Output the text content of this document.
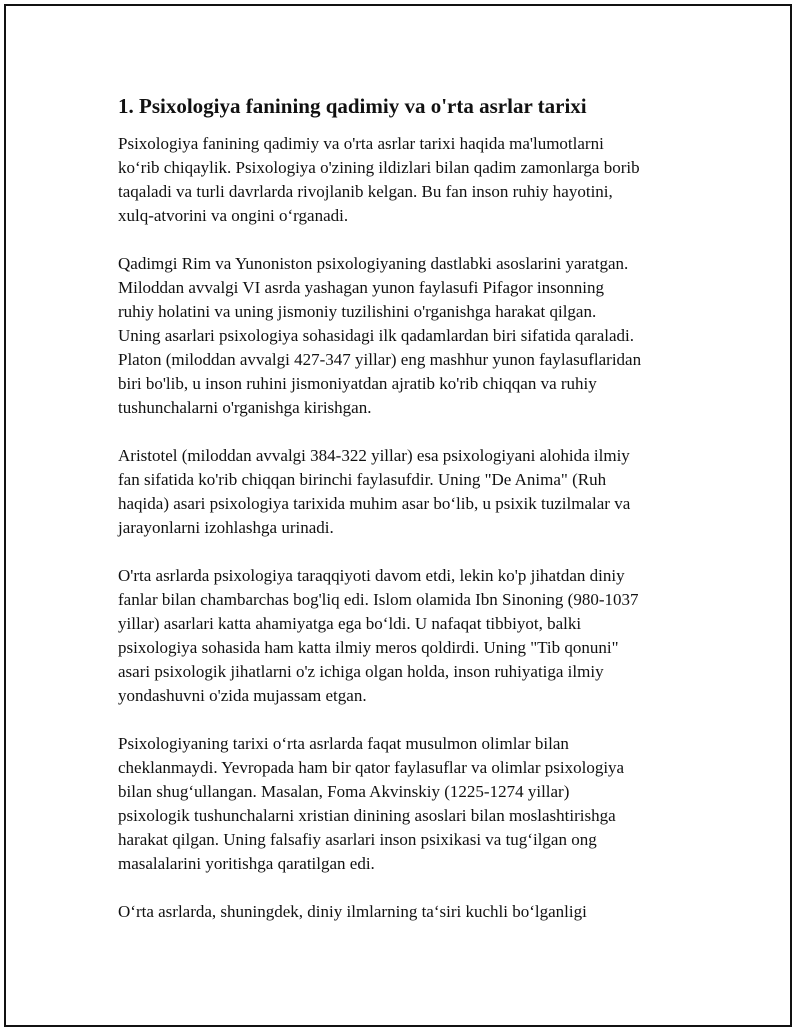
1. Psixologiya fanining qadimiy va o'rta asrlar tarixi

Psixologiya fanining qadimiy va o'rta asrlar tarixi haqida ma'lumotlarni
ko‘rib chiqaylik. Psixologiya o'zining ildizlari bilan qadim zamonlarga borib
taqaladi va turli davrlarda rivojlanib kelgan. Bu fan inson ruhiy hayotini,
xulq-atvorini va ongini o‘rganadi.

Qadimgi Rim va Yunoniston psixologiyaning dastlabki asoslarini yaratgan.
Miloddan avvalgi VI asrda yashagan yunon faylasufi Pifagor insonning
ruhiy holatini va uning jismoniy tuzilishini o'rganishga harakat qilgan.
Uning asarlari psixologiya sohasidagi ilk qadamlardan biri sifatida qaraladi.
Platon (miloddan avvalgi 427-347 yillar) eng mashhur yunon faylasuflaridan
biri bo'lib, u inson ruhini jismoniyatdan ajratib ko'rib chiqqan va ruhiy
tushunchalarni o'rganishga kirishgan.

Aristotel (miloddan avvalgi 384-322 yillar) esa psixologiyani alohida ilmiy
fan sifatida ko'rib chiqqan birinchi faylasufdir. Uning "De Anima" (Ruh
haqida) asari psixologiya tarixida muhim asar bo‘lib, u psixik tuzilmalar va
jarayonlarni izohlashga urinadi.

O'rta asrlarda psixologiya taraqqiyoti davom etdi, lekin ko'p jihatdan diniy
fanlar bilan chambarchas bog'liq edi. Islom olamida Ibn Sinoning (980-1037
yillar) asarlari katta ahamiyatga ega bo‘ldi. U nafaqat tibbiyot, balki
psixologiya sohasida ham katta ilmiy meros qoldirdi. Uning "Tib qonuni"
asari psixologik jihatlarni o'z ichiga olgan holda, inson ruhiyatiga ilmiy
yondashuvni o'zida mujassam etgan.

Psixologiyaning tarixi o‘rta asrlarda faqat musulmon olimlar bilan
cheklanmaydi. Yevropada ham bir qator faylasuflar va olimlar psixologiya
bilan shug‘ullangan. Masalan, Foma Akvinskiy (1225-1274 yillar)
psixologik tushunchalarni xristian dinining asoslari bilan moslashtirishga
harakat qilgan. Uning falsafiy asarlari inson psixikasi va tug‘ilgan ong
masalalarini yoritishga qaratilgan edi.

O‘rta asrlarda, shuningdek, diniy ilmlarning ta‘siri kuchli bo‘lganligi
